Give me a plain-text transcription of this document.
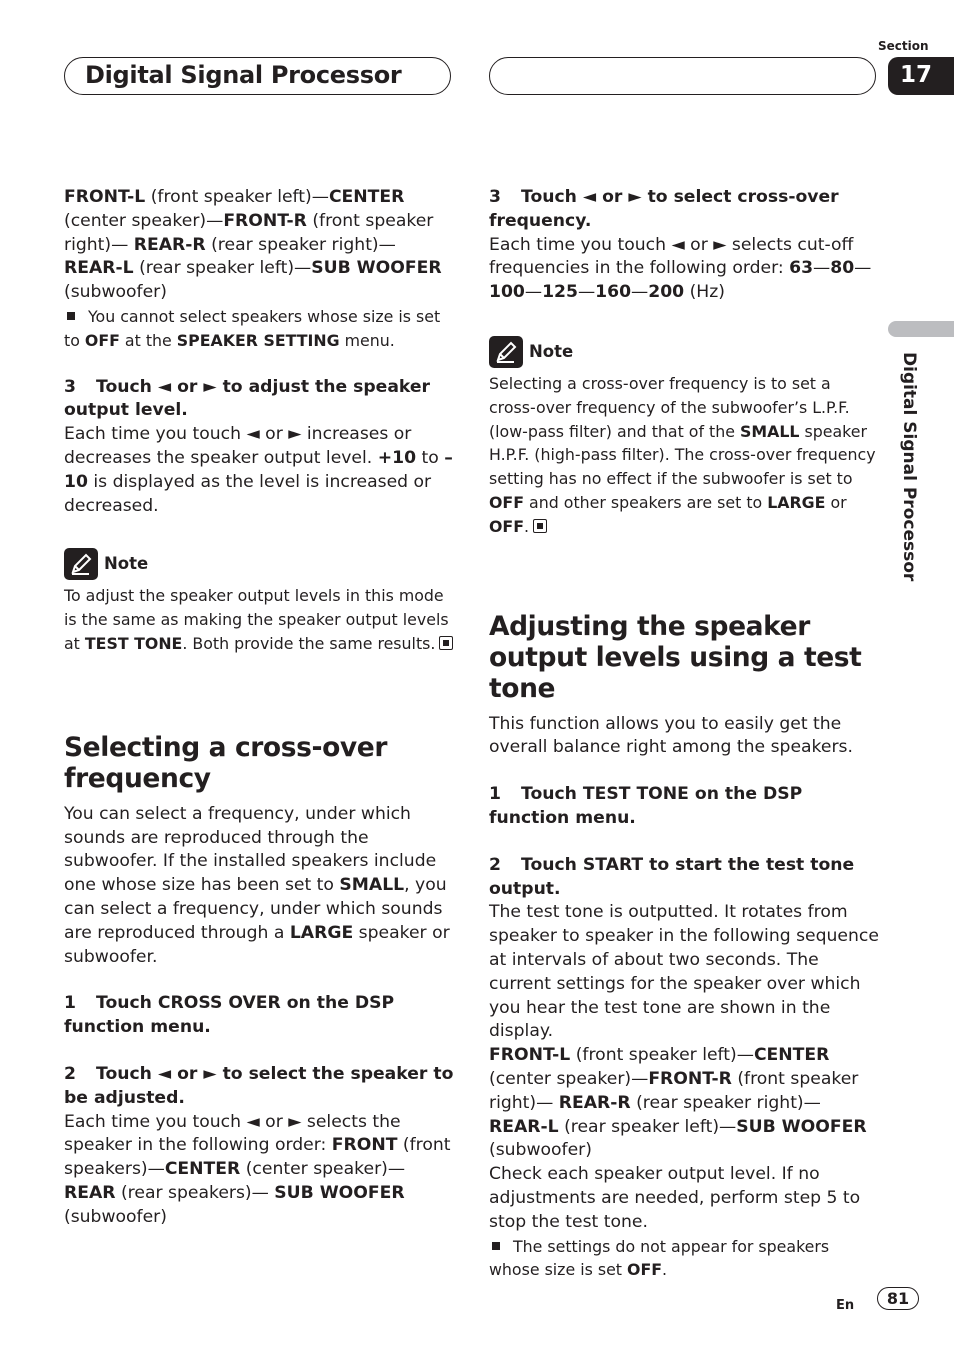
Digital Signal Processor
Section
17
Digital Signal Processor

FRONT-L (front speaker left)—CENTER (center speaker)—FRONT-R (front speaker right)— REAR-R (rear speaker right)—REAR-L (rear speaker left)—SUB WOOFER (subwoofer)

You cannot select speakers whose size is set to OFF at the SPEAKER SETTING menu.

3 Touch ◄ or ► to adjust the speaker output level.

Each time you touch ◄ or ► increases or decreases the speaker output level. +10 to –10 is displayed as the level is increased or decreased.

Note

To adjust the speaker output levels in this mode is the same as making the speaker output levels at TEST TONE. Both provide the same results.

Selecting a cross-over frequency

You can select a frequency, under which sounds are reproduced through the subwoofer. If the installed speakers include one whose size has been set to SMALL, you can select a frequency, under which sounds are reproduced through a LARGE speaker or subwoofer.

1 Touch CROSS OVER on the DSP function menu.

2 Touch ◄ or ► to select the speaker to be adjusted.

Each time you touch ◄ or ► selects the speaker in the following order: FRONT (front speakers)—CENTER (center speaker)—REAR (rear speakers)— SUB WOOFER (subwoofer)

3 Touch ◄ or ► to select cross-over frequency.

Each time you touch ◄ or ► selects cut-off frequencies in the following order: 63—80—100—125—160—200 (Hz)

Note

Selecting a cross-over frequency is to set a cross-over frequency of the subwoofer’s L.P.F. (low-pass filter) and that of the SMALL speaker H.P.F. (high-pass filter). The cross-over frequency setting has no effect if the subwoofer is set to OFF and other speakers are set to LARGE or OFF.

Adjusting the speaker output levels using a test tone

This function allows you to easily get the overall balance right among the speakers.

1 Touch TEST TONE on the DSP function menu.

2 Touch START to start the test tone output.

The test tone is outputted. It rotates from speaker to speaker in the following sequence at intervals of about two seconds. The current settings for the speaker over which you hear the test tone are shown in the display.

FRONT-L (front speaker left)—CENTER (center speaker)—FRONT-R (front speaker right)— REAR-R (rear speaker right)—REAR-L (rear speaker left)—SUB WOOFER (subwoofer)

Check each speaker output level. If no adjustments are needed, perform step 5 to stop the test tone.

The settings do not appear for speakers whose size is set OFF.

En	81
